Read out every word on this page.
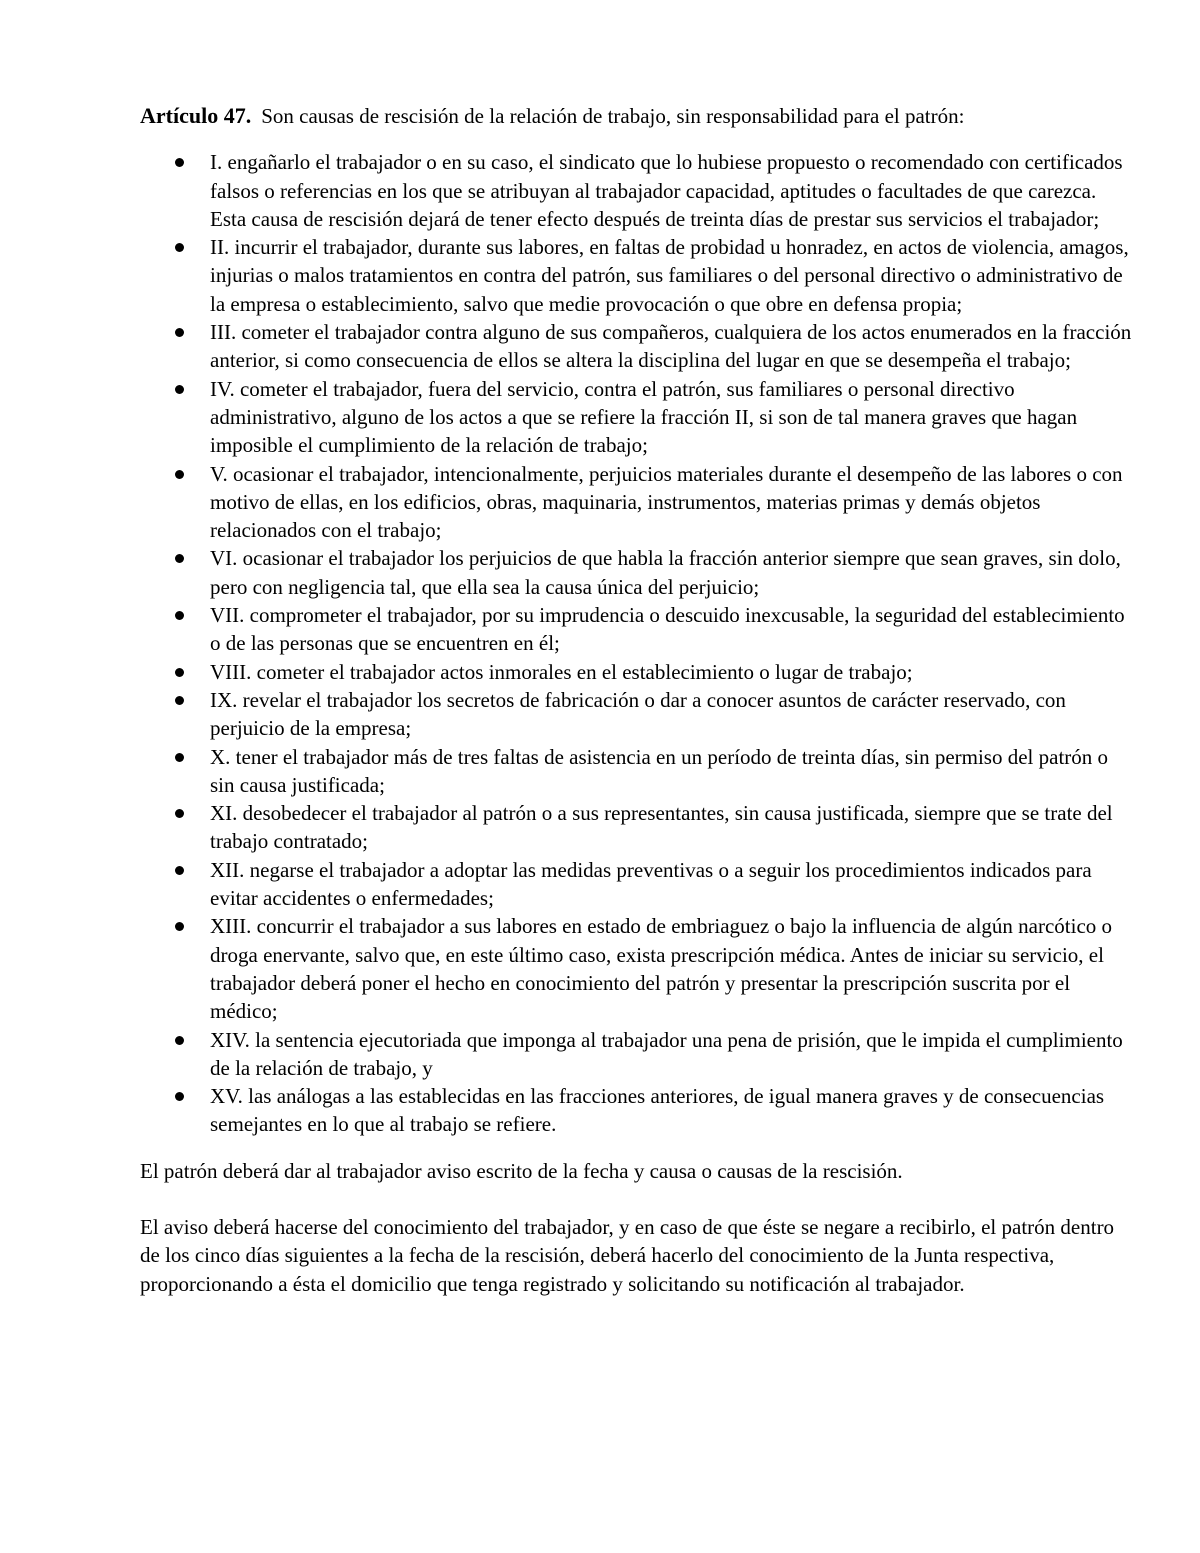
Artículo 47. Son causas de rescisión de la relación de trabajo, sin responsabilidad para el patrón:

I. engañarlo el trabajador o en su caso, el sindicato que lo hubiese propuesto o recomendado con certificados falsos o referencias en los que se atribuyan al trabajador capacidad, aptitudes o facultades de que carezca. Esta causa de rescisión dejará de tener efecto después de treinta días de prestar sus servicios el trabajador;
II. incurrir el trabajador, durante sus labores, en faltas de probidad u honradez, en actos de violencia, amagos, injurias o malos tratamientos en contra del patrón, sus familiares o del personal directivo o administrativo de la empresa o establecimiento, salvo que medie provocación o que obre en defensa propia;
III. cometer el trabajador contra alguno de sus compañeros, cualquiera de los actos enumerados en la fracción anterior, si como consecuencia de ellos se altera la disciplina del lugar en que se desempeña el trabajo;
IV. cometer el trabajador, fuera del servicio, contra el patrón, sus familiares o personal directivo administrativo, alguno de los actos a que se refiere la fracción II, si son de tal manera graves que hagan imposible el cumplimiento de la relación de trabajo;
V. ocasionar el trabajador, intencionalmente, perjuicios materiales durante el desempeño de las labores o con motivo de ellas, en los edificios, obras, maquinaria, instrumentos, materias primas y demás objetos relacionados con el trabajo;
VI. ocasionar el trabajador los perjuicios de que habla la fracción anterior siempre que sean graves, sin dolo, pero con negligencia tal, que ella sea la causa única del perjuicio;
VII. comprometer el trabajador, por su imprudencia o descuido inexcusable, la seguridad del establecimiento o de las personas que se encuentren en él;
VIII. cometer el trabajador actos inmorales en el establecimiento o lugar de trabajo;
IX. revelar el trabajador los secretos de fabricación o dar a conocer asuntos de carácter reservado, con perjuicio de la empresa;
X. tener el trabajador más de tres faltas de asistencia en un período de treinta días, sin permiso del patrón o sin causa justificada;
XI. desobedecer el trabajador al patrón o a sus representantes, sin causa justificada, siempre que se trate del trabajo contratado;
XII. negarse el trabajador a adoptar las medidas preventivas o a seguir los procedimientos indicados para evitar accidentes o enfermedades;
XIII. concurrir el trabajador a sus labores en estado de embriaguez o bajo la influencia de algún narcótico o droga enervante, salvo que, en este último caso, exista prescripción médica. Antes de iniciar su servicio, el trabajador deberá poner el hecho en conocimiento del patrón y presentar la prescripción suscrita por el médico;
XIV. la sentencia ejecutoriada que imponga al trabajador una pena de prisión, que le impida el cumplimiento de la relación de trabajo, y
XV. las análogas a las establecidas en las fracciones anteriores, de igual manera graves y de consecuencias semejantes en lo que al trabajo se refiere.

El patrón deberá dar al trabajador aviso escrito de la fecha y causa o causas de la rescisión.

El aviso deberá hacerse del conocimiento del trabajador, y en caso de que éste se negare a recibirlo, el patrón dentro de los cinco días siguientes a la fecha de la rescisión, deberá hacerlo del conocimiento de la Junta respectiva, proporcionando a ésta el domicilio que tenga registrado y solicitando su notificación al trabajador.
